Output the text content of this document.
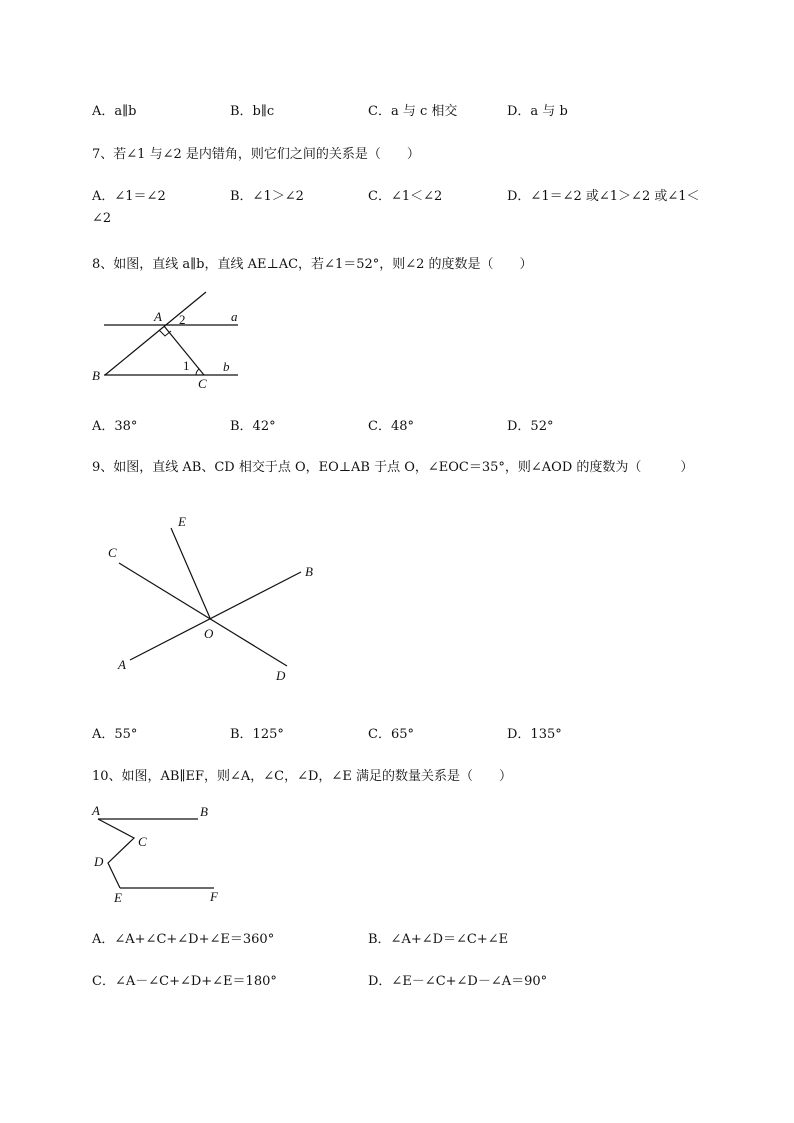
A．a∥b	B．b∥c	C．a 与 c 相交	D．a 与 b
7、若∠1 与∠2 是内错角，则它们之间的关系是（　　）
A．∠1＝∠2	B．∠1＞∠2	C．∠1＜∠2	D．∠1＝∠2 或∠1＞∠2 或∠1＜
∠2
8、如图，直线 a∥b，直线 AE⊥AC，若∠1＝52°，则∠2 的度数是（　　）
A 2	a
B
1	b
C
A．38°	B．42°	C．48°	D．52°
9、如图，直线 AB、CD 相交于点 O，EO⊥AB 于点 O，∠EOC＝35°，则∠AOD 的度数为（　　　）
E
C
B
O
A
D
A．55°	B．125°	C．65°	D．135°
10、如图，AB∥EF，则∠A，∠C，∠D，∠E 满足的数量关系是（　　）
A	B
C
D
E	F
A．∠A+∠C+∠D+∠E＝360°	B．∠A+∠D＝∠C+∠E
C．∠A－∠C+∠D+∠E＝180°	D．∠E－∠C+∠D－∠A＝90°
